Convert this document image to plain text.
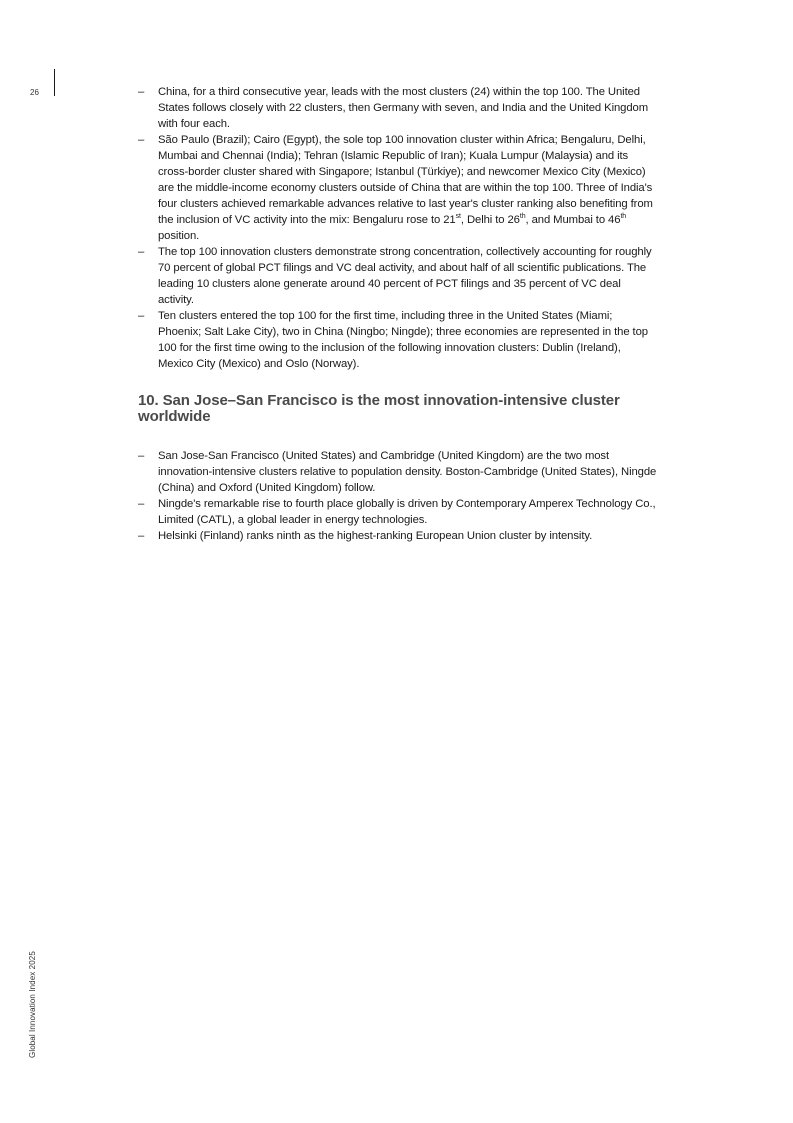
26
Global Innovation Index 2025
– China, for a third consecutive year, leads with the most clusters (24) within the top 100. The United States follows closely with 22 clusters, then Germany with seven, and India and the United Kingdom with four each.
– São Paulo (Brazil); Cairo (Egypt), the sole top 100 innovation cluster within Africa; Bengaluru, Delhi, Mumbai and Chennai (India); Tehran (Islamic Republic of Iran); Kuala Lumpur (Malaysia) and its cross-border cluster shared with Singapore; Istanbul (Türkiye); and newcomer Mexico City (Mexico) are the middle-income economy clusters outside of China that are within the top 100. Three of India's four clusters achieved remarkable advances relative to last year's cluster ranking also benefiting from the inclusion of VC activity into the mix: Bengaluru rose to 21st, Delhi to 26th, and Mumbai to 46th position.
– The top 100 innovation clusters demonstrate strong concentration, collectively accounting for roughly 70 percent of global PCT filings and VC deal activity, and about half of all scientific publications. The leading 10 clusters alone generate around 40 percent of PCT filings and 35 percent of VC deal activity.
– Ten clusters entered the top 100 for the first time, including three in the United States (Miami; Phoenix; Salt Lake City), two in China (Ningbo; Ningde); three economies are represented in the top 100 for the first time owing to the inclusion of the following innovation clusters: Dublin (Ireland), Mexico City (Mexico) and Oslo (Norway).
10. San Jose–San Francisco is the most innovation-intensive cluster worldwide
– San Jose-San Francisco (United States) and Cambridge (United Kingdom) are the two most innovation-intensive clusters relative to population density. Boston-Cambridge (United States), Ningde (China) and Oxford (United Kingdom) follow.
– Ningde's remarkable rise to fourth place globally is driven by Contemporary Amperex Technology Co., Limited (CATL), a global leader in energy technologies.
– Helsinki (Finland) ranks ninth as the highest-ranking European Union cluster by intensity.
